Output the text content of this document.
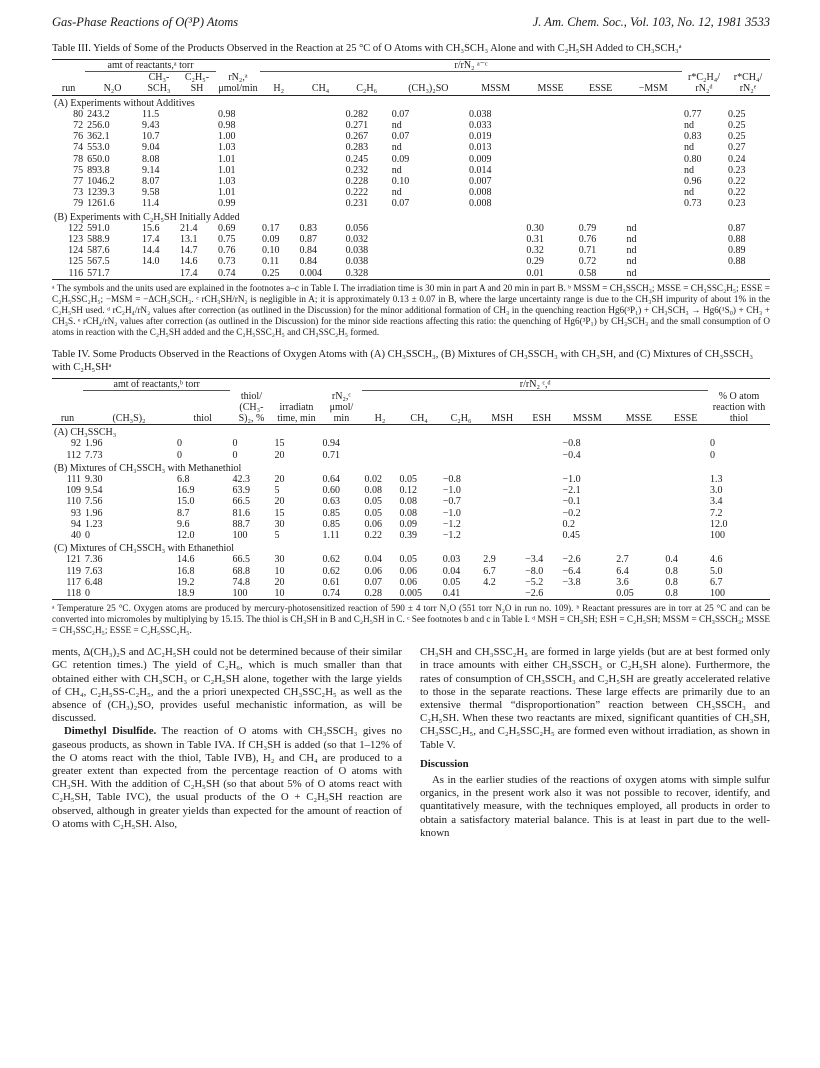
Gas-Phase Reactions of O(³P) Atoms	J. Am. Chem. Soc., Vol. 103, No. 12, 1981 3533
Table III. Yields of Some of the Products Observed in the Reaction at 25 °C of O Atoms with CH₃SCH₃ Alone and with C₂H₅SH Added to CH₃SCH₃ᵃ
	amt of reactants,ᵃ torr				r/rN₂ ᵃ⁻ᶜ									
run	N₂O	CH₃-SCH₃	C₂H₅-SH	rN₂,ᵃ μmol/min	H₂	CH₄	C₂H₆	(CH₃)₂SO	MSSM	MSSE	ESSE	−MSM	r*C₂H₄/ rN₂ᵈ	r*CH₄/ rN₂ᵉ
(A) Experiments without Additives														
80	243.2	11.5		0.98			0.282	0.07	0.038				0.77	0.25
72	256.0	9.43		0.98			0.271	nd	0.033				nd	0.25
76	362.1	10.7		1.00			0.267	0.07	0.019				0.83	0.25
74	553.0	9.04		1.03			0.283	nd	0.013				nd	0.27
78	650.0	8.08		1.01			0.245	0.09	0.009				0.80	0.24
75	893.8	9.14		1.01			0.232	nd	0.014				nd	0.23
77	1046.2	8.07		1.03			0.228	0.10	0.007				0.96	0.22
73	1239.3	9.58		1.01			0.222	nd	0.008				nd	0.22
79	1261.6	11.4		0.99			0.231	0.07	0.008				0.73	0.23
(B) Experiments with C₂H₅SH Initially Added														
122	591.0	15.6	21.4	0.69	0.17	0.83	0.056			0.30	0.79	nd		0.87
123	588.9	17.4	13.1	0.75	0.09	0.87	0.032			0.31	0.76	nd		0.88
124	587.6	14.4	14.7	0.76	0.10	0.84	0.038			0.32	0.71	nd		0.89
125	567.5	14.0	14.6	0.73	0.11	0.84	0.038			0.29	0.72	nd		0.88
116	571.7		17.4	0.74	0.25	0.004	0.328			0.01	0.58	nd		
ᵃ The symbols and the units used are explained in the footnotes a–c in Table I. The irradiation time is 30 min in part A and 20 min in part B. ᵇ MSSM = CH₃SSCH₃; MSSE = CH₃SSC₂H₅; ESSE = C₂H₅SSC₂H₅; −MSM = −ΔCH₃SCH₃. ᶜ rCH₃SH/rN₂ is negligible in A; it is approximately 0.13 ± 0.07 in B, where the large uncertainty range is due to the CH₃SH impurity of about 1% in the C₂H₅SH used. ᵈ rC₂H₄/rN₂ values after correction (as outlined in the Discussion) for the minor additional formation of CH₃ in the quenching reaction Hg6(³P₁) + CH₃SCH₃ → Hg6(¹S₀) + CH₃ + CH₃S. ᵉ rCH₄/rN₂ values after correction (as outlined in the Discussion) for the minor side reactions affecting this ratio: the quenching of Hg6(³P₁) by CH₃SCH₃ and the small consumption of O atoms in reaction with the C₂H₅SH added and the C₂H₅SSC₂H₅ and CH₃SSC₂H₅ formed.
Table IV. Some Products Observed in the Reactions of Oxygen Atoms with (A) CH₃SSCH₃, (B) Mixtures of CH₃SSCH₃ with CH₃SH, and (C) Mixtures of CH₃SSCH₃ with C₂H₅SHᵃ
	amt of reactants,ᵇ torr					r/rN₂ ᶜ,ᵈ								
run	(CH₃S)₂	thiol	thiol/ (CH₃-S)₂, %	irradiatn time, min	rN₂,ᶜ μmol/ min	H₂	CH₄	C₂H₆	MSH	ESH	MSSM	MSSE	ESSE	% O atom reaction with thiol
(A) CH₃SSCH₃														
92	1.96	0	0	15	0.94						−0.8			0
112	7.73	0	0	20	0.71						−0.4			0
(B) Mixtures of CH₃SSCH₃ with Methanethiol														
111	9.30	6.8	42.3	20	0.64	0.02	0.05	−0.8			−1.0			1.3
109	9.54	16.9	63.9	5	0.60	0.08	0.12	−1.0			−2.1			3.0
110	7.56	15.0	66.5	20	0.63	0.05	0.08	−0.7			−0.1			3.4
93	1.96	8.7	81.6	15	0.85	0.05	0.08	−1.0			−0.2			7.2
94	1.23	9.6	88.7	30	0.85	0.06	0.09	−1.2			0.2			12.0
40	0	12.0	100	5	1.11	0.22	0.39	−1.2			0.45			100
(C) Mixtures of CH₃SSCH₃ with Ethanethiol														
121	7.36	14.6	66.5	30	0.62	0.04	0.05	0.03	2.9	−3.4	−2.6	2.7	0.4	4.6
119	7.63	16.8	68.8	10	0.62	0.06	0.06	0.04	6.7	−8.0	−6.4	6.4	0.8	5.0
117	6.48	19.2	74.8	20	0.61	0.07	0.06	0.05	4.2	−5.2	−3.8	3.6	0.8	6.7
118	0	18.9	100	10	0.74	0.28	0.005	0.41		−2.6		0.05	0.8	100
ᵃ Temperature 25 °C. Oxygen atoms are produced by mercury-photosensitized reaction of 590 ± 4 torr N₂O (551 torr N₂O in run no. 109). ᵇ Reactant pressures are in torr at 25 °C and can be converted into micromoles by multiplying by 15.15. The thiol is CH₃SH in B and C₂H₅SH in C. ᶜ See footnotes b and c in Table I. ᵈ MSH = CH₃SH; ESH = C₂H₅SH; MSSM = CH₃SSCH₃; MSSE = CH₃SSC₂H₅; ESSE = C₂H₅SSC₂H₅.

ments, Δ(CH₃)₂S and ΔC₂H₅SH could not be determined because of their similar GC retention times.) The yield of C₂H₆, which is much smaller than that obtained either with CH₃SCH₃ or C₂H₅SH alone, together with the large yields of CH₄, C₂H₅SS-C₂H₅, and the a priori unexpected CH₃SSC₂H₅ as well as the absence of (CH₃)₂SO, provides useful mechanistic information, as will be discussed.

Dimethyl Disulfide. The reaction of O atoms with CH₃SSCH₃ gives no gaseous products, as shown in Table IVA. If CH₃SH is added (so that 1–12% of the O atoms react with the thiol, Table IVB), H₂ and CH₄ are produced to a greater extent than expected from the percentage reaction of O atoms with CH₃SH. With the addition of C₂H₅SH (so that about 5% of O atoms react with C₂H₅SH, Table IVC), the usual products of the O + C₂H₅SH reaction are observed, although in greater yields than expected for the amount of reaction of O atoms with C₂H₅SH. Also,

CH₃SH and CH₃SSC₂H₅ are formed in large yields (but are at best formed only in trace amounts with either CH₃SSCH₃ or C₂H₅SH alone). Furthermore, the rates of consumption of CH₃SSCH₃ and C₂H₅SH are greatly accelerated relative to those in the separate reactions. These large effects are primarily due to an extensive thermal “disproportionation” reaction between CH₃SSCH₃ and C₂H₅SH. When these two reactants are mixed, significant quantities of CH₃SH, CH₃SSC₂H₅, and C₂H₅SSC₂H₅ are formed even without irradiation, as shown in Table V.

Discussion

As in the earlier studies of the reactions of oxygen atoms with simple sulfur organics, in the present work also it was not possible to recover, identify, and quantitatively measure, with the techniques employed, all products in order to obtain a satisfactory material balance. This is at least in part due to the well-known
